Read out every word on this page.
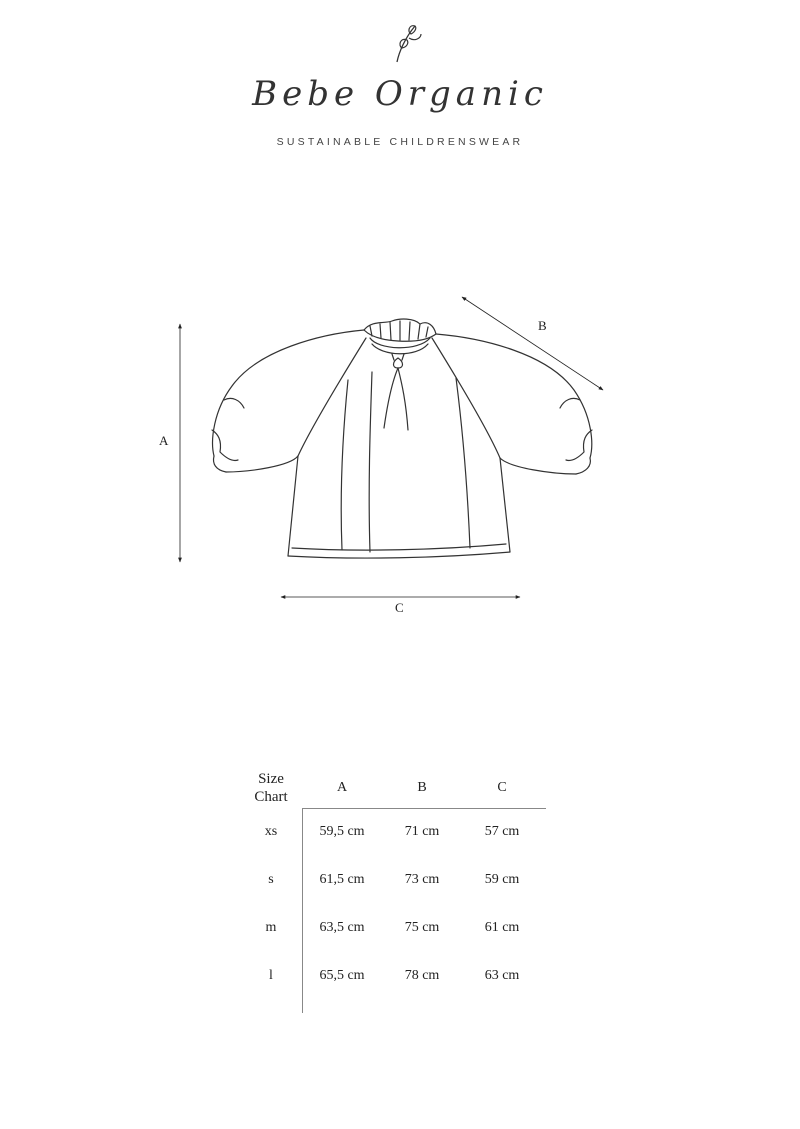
Bebe Organic
SUSTAINABLE CHILDRENSWEAR
A
B
C
Size
Chart	A	B	C
xs	59,5 cm	71 cm	57 cm
s	61,5 cm	73 cm	59 cm
m	63,5 cm	75 cm	61 cm
l	65,5 cm	78 cm	63 cm
